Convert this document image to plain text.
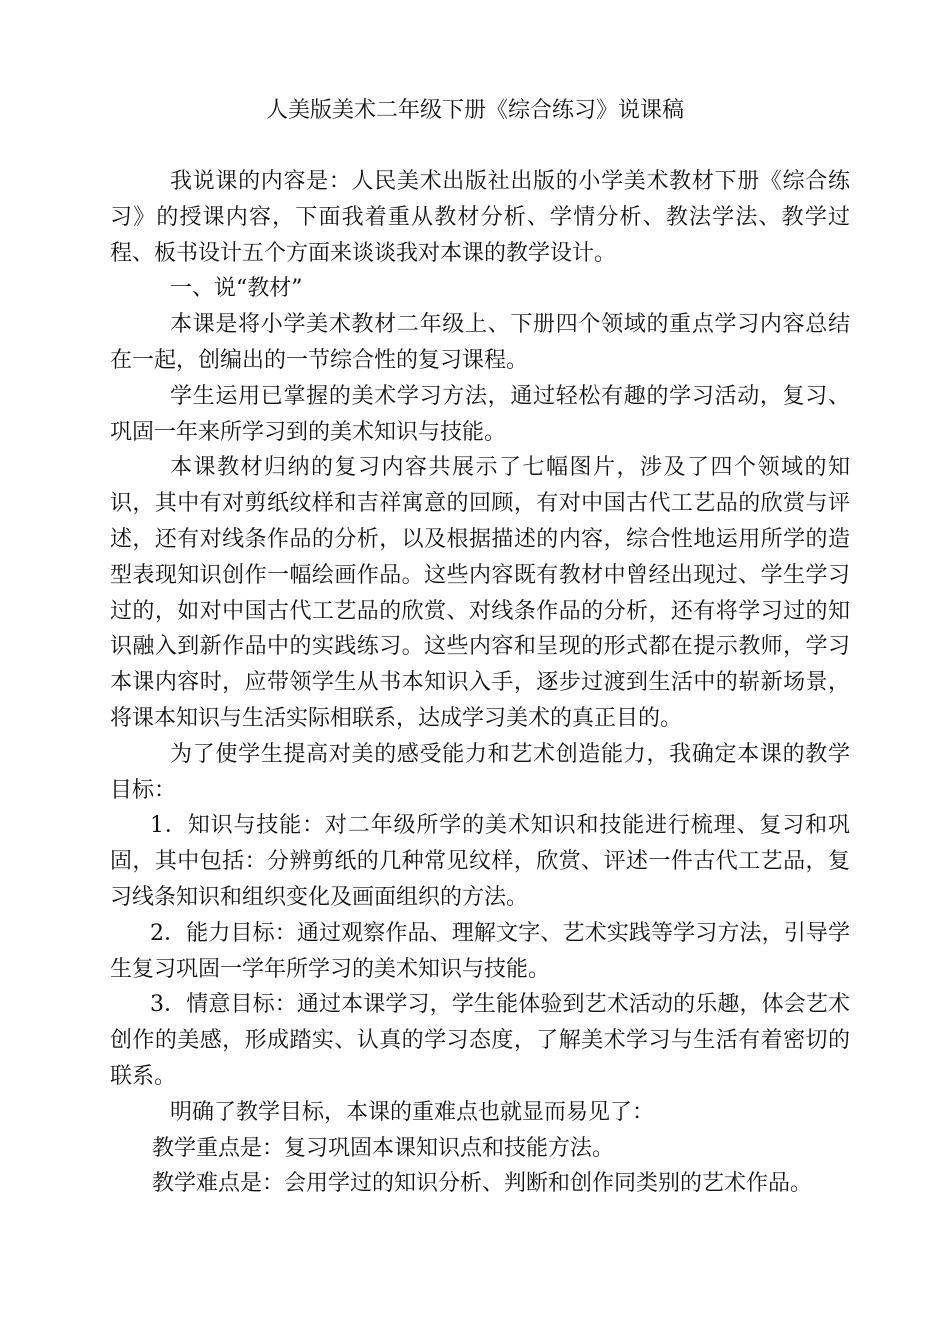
人美版美术二年级下册《综合练习》说课稿

我说课的内容是：人民美术出版社出版的小学美术教材下册《综合练习》的授课内容，下面我着重从教材分析、学情分析、教法学法、教学过程、板书设计五个方面来谈谈我对本课的教学设计。

一、说“教材”

本课是将小学美术教材二年级上、下册四个领域的重点学习内容总结在一起，创编出的一节综合性的复习课程。

学生运用已掌握的美术学习方法，通过轻松有趣的学习活动，复习、巩固一年来所学习到的美术知识与技能。

本课教材归纳的复习内容共展示了七幅图片，涉及了四个领域的知识，其中有对剪纸纹样和吉祥寓意的回顾，有对中国古代工艺品的欣赏与评述，还有对线条作品的分析，以及根据描述的内容，综合性地运用所学的造型表现知识创作一幅绘画作品。这些内容既有教材中曾经出现过、学生学习过的，如对中国古代工艺品的欣赏、对线条作品的分析，还有将学习过的知识融入到新作品中的实践练习。这些内容和呈现的形式都在提示教师，学习本课内容时，应带领学生从书本知识入手，逐步过渡到生活中的崭新场景，将课本知识与生活实际相联系，达成学习美术的真正目的。

为了使学生提高对美的感受能力和艺术创造能力，我确定本课的教学目标：

1．知识与技能：对二年级所学的美术知识和技能进行梳理、复习和巩固，其中包括：分辨剪纸的几种常见纹样，欣赏、评述一件古代工艺品，复习线条知识和组织变化及画面组织的方法。

2．能力目标：通过观察作品、理解文字、艺术实践等学习方法，引导学生复习巩固一学年所学习的美术知识与技能。

3．情意目标：通过本课学习，学生能体验到艺术活动的乐趣，体会艺术创作的美感，形成踏实、认真的学习态度，了解美术学习与生活有着密切的联系。

明确了教学目标，本课的重难点也就显而易见了：

教学重点是：复习巩固本课知识点和技能方法。

教学难点是：会用学过的知识分析、判断和创作同类别的艺术作品。
